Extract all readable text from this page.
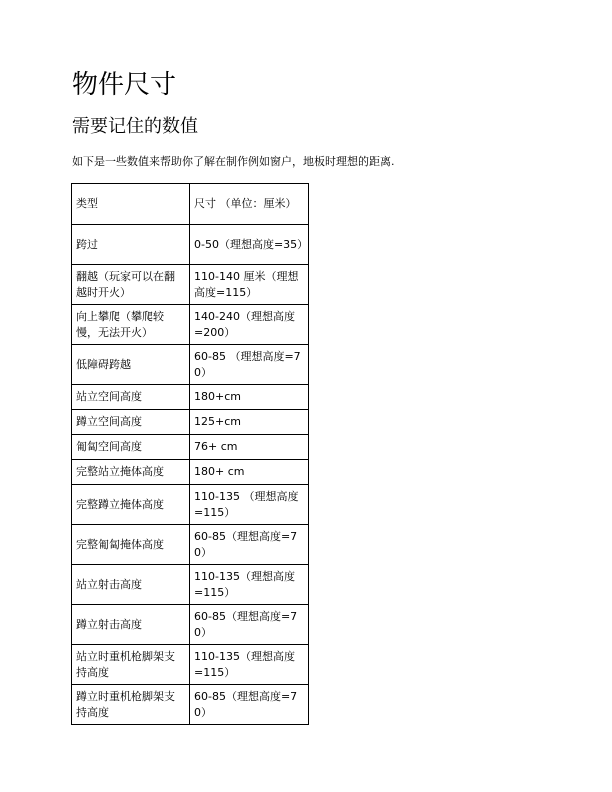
物件尺寸
需要记住的数值

如下是一些数值来帮助你了解在制作例如窗户，地板时理想的距离.

类型	尺寸 （单位：厘米）
跨过	0-50（理想高度=35）
翻越（玩家可以在翻越时开火）	110-140 厘米（理想高度=115）
向上攀爬（攀爬较慢，无法开火）	140-240（理想高度=200）
低障碍跨越	60-85 （理想高度=70）
站立空间高度	180+cm
蹲立空间高度	125+cm
匍匐空间高度	76+ cm
完整站立掩体高度	180+ cm
完整蹲立掩体高度	110-135 （理想高度=115）
完整匍匐掩体高度	60-85（理想高度=70）
站立射击高度	110-135（理想高度=115）
蹲立射击高度	60-85（理想高度=70）
站立时重机枪脚架支持高度	110-135（理想高度=115）
蹲立时重机枪脚架支持高度	60-85（理想高度=70）
